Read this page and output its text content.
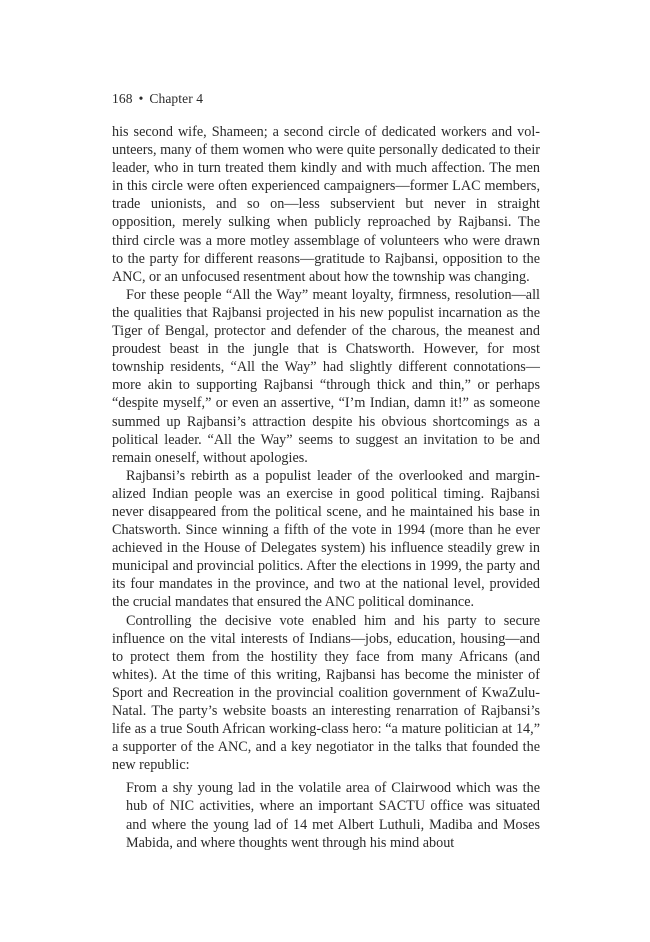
168 • Chapter 4

his second wife, Shameen; a second circle of dedicated workers and volunteers, many of them women who were quite personally dedicated to their leader, who in turn treated them kindly and with much affection. The men in this circle were often experienced campaigners—former LAC members, trade unionists, and so on—less subservient but never in straight opposition, merely sulking when publicly reproached by Rajbansi. The third circle was a more motley assemblage of volunteers who were drawn to the party for different reasons—gratitude to Rajbansi, opposition to the ANC, or an unfocused resentment about how the township was changing.

For these people “All the Way” meant loyalty, firmness, resolution—all the qualities that Rajbansi projected in his new populist incarnation as the Tiger of Bengal, protector and defender of the charous, the meanest and proudest beast in the jungle that is Chatsworth. However, for most township residents, “All the Way” had slightly different connotations—more akin to supporting Rajbansi “through thick and thin,” or perhaps “despite myself,” or even an assertive, “I’m Indian, damn it!” as someone summed up Rajbansi’s attraction despite his obvious shortcomings as a political leader. “All the Way” seems to suggest an invitation to be and remain oneself, without apologies.

Rajbansi’s rebirth as a populist leader of the overlooked and marginalized Indian people was an exercise in good political timing. Rajbansi never disappeared from the political scene, and he maintained his base in Chatsworth. Since winning a fifth of the vote in 1994 (more than he ever achieved in the House of Delegates system) his influence steadily grew in municipal and provincial politics. After the elections in 1999, the party and its four mandates in the province, and two at the national level, provided the crucial mandates that ensured the ANC political dominance.

Controlling the decisive vote enabled him and his party to secure influence on the vital interests of Indians—jobs, education, housing—and to protect them from the hostility they face from many Africans (and whites). At the time of this writing, Rajbansi has become the minister of Sport and Recreation in the provincial coalition government of KwaZulu-Natal. The party’s website boasts an interesting renarration of Rajbansi’s life as a true South African working-class hero: “a mature politician at 14,” a supporter of the ANC, and a key negotiator in the talks that founded the new republic:

From a shy young lad in the volatile area of Clairwood which was the hub of NIC activities, where an important SACTU office was situated and where the young lad of 14 met Albert Luthuli, Madiba and Moses Mabida, and where thoughts went through his mind about
